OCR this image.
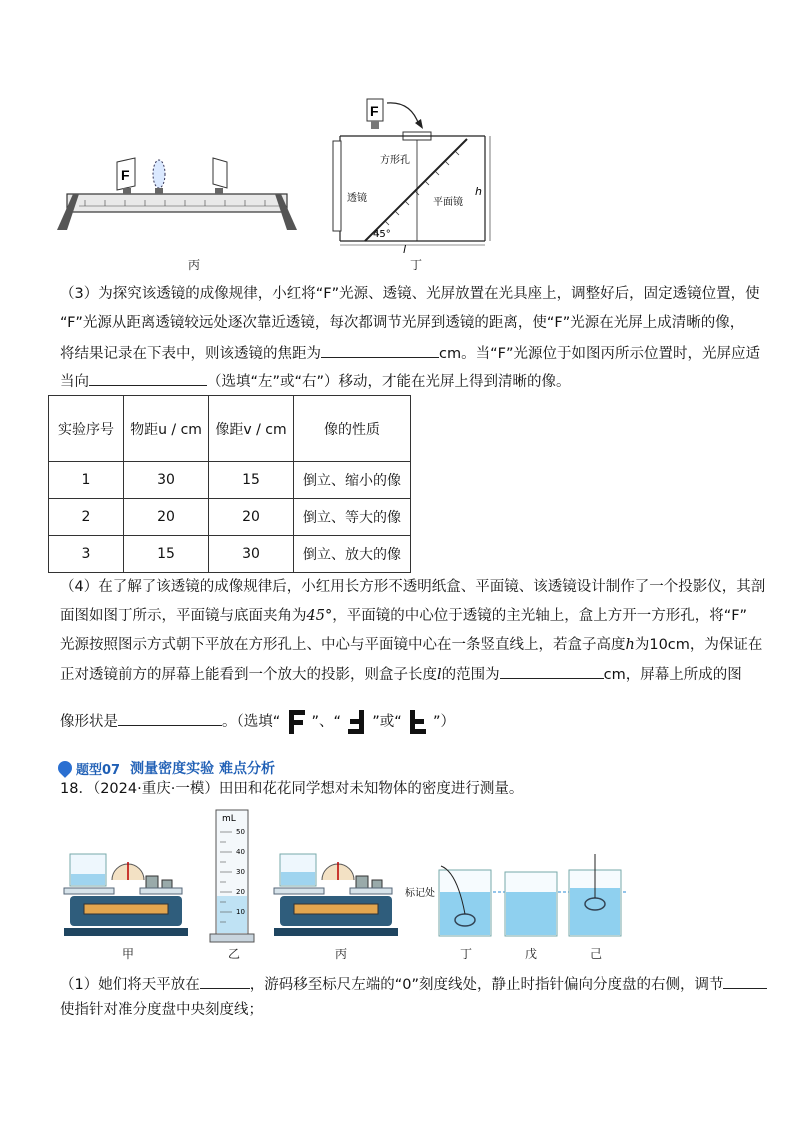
F
丙
F
方形孔
透镜	平面镜
45°
h
l
丁
（3）为探究该透镜的成像规律，小红将“F”光源、透镜、光屏放置在光具座上，调整好后，固定透镜位置，使
“F”光源从距离透镜较远处逐次靠近透镜，每次都调节光屏到透镜的距离，使“F”光源在光屏上成清晰的像，
将结果记录在下表中，则该透镜的焦距为	cm。当“F”光源位于如图丙所示位置时，光屏应适
当向	（选填“左”或“右”）移动，才能在光屏上得到清晰的像。
实验序号	物距u / cm	像距v / cm	像的性质
1	30	15	倒立、缩小的像
2	20	20	倒立、等大的像
3	15	30	倒立、放大的像
（4）在了解了该透镜的成像规律后，小红用长方形不透明纸盒、平面镜、该透镜设计制作了一个投影仪，其剖
面图如图丁所示，平面镜与底面夹角为45°，平面镜的中心位于透镜的主光轴上，盒上方开一方形孔，将“F”
光源按照图示方式朝下平放在方形孔上、中心与平面镜中心在一条竖直线上，若盒子高度h为10cm，为保证在
正对透镜前方的屏幕上能看到一个放大的投影，则盒子长度l的范围为	cm，屏幕上所成的图
像形状是	。（选填“ ”、“ ”或“ ”）
题型07 测量密度实验 难点分析
18．（2024·重庆·一模）田田和花花同学想对未知物体的密度进行测量。
甲
mL
50
40
30
20
10
乙	丙
标记处
丁	戊	己
（1）她们将天平放在	，游码移至标尺左端的“0”刻度线处，静止时指针偏向分度盘的右侧，调节
使指针对准分度盘中央刻度线；
